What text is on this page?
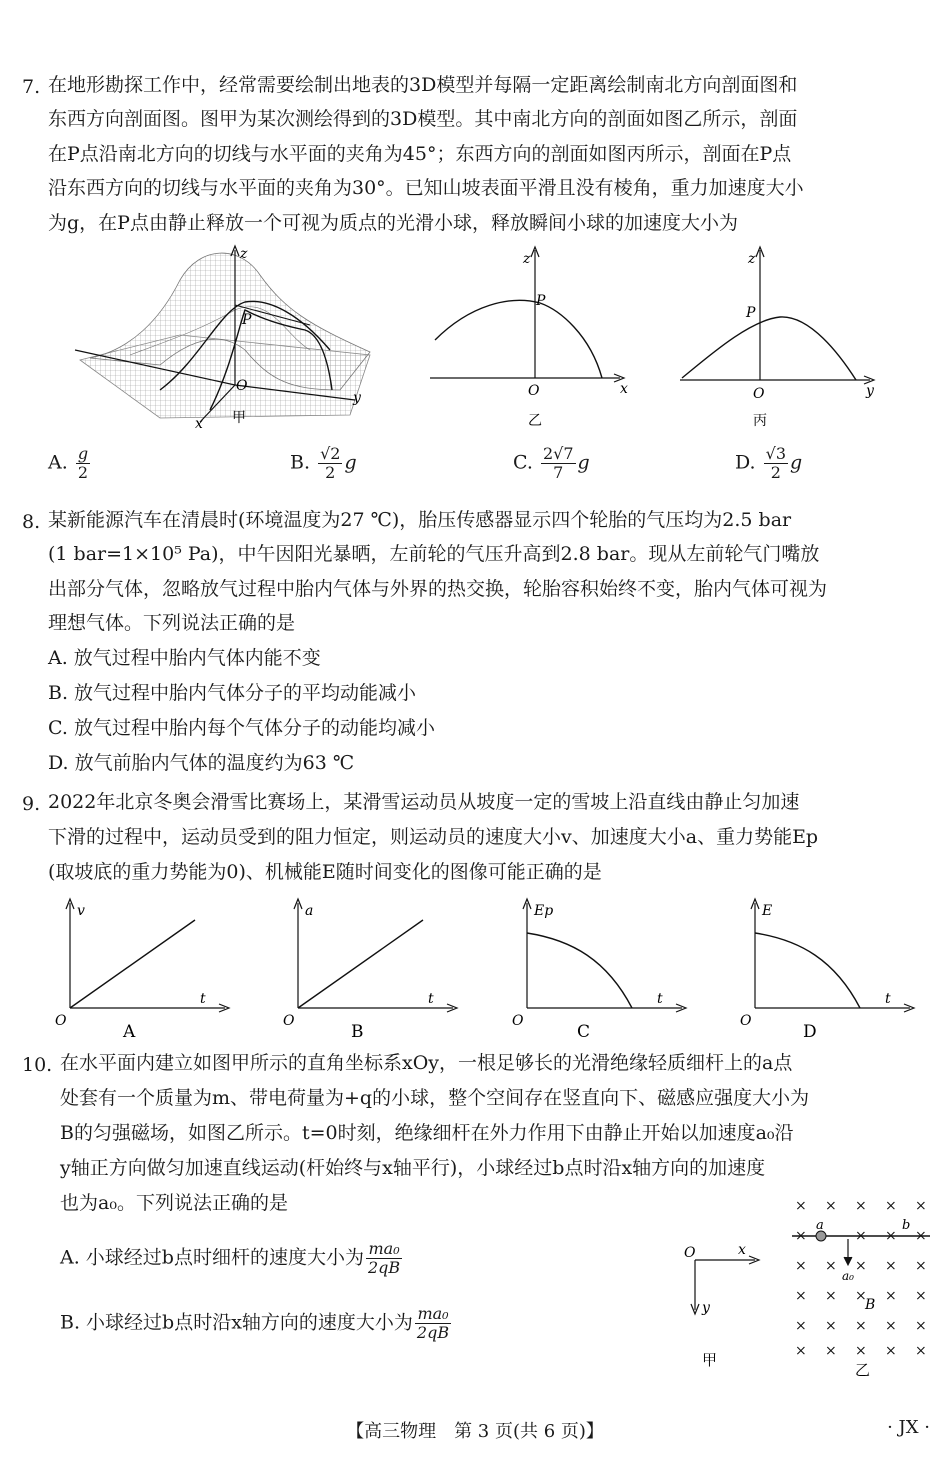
7. 在地形勘探工作中，经常需要绘制出地表的3D模型并每隔一定距离绘制南北方向剖面图和
东西方向剖面图。图甲为某次测绘得到的3D模型。其中南北方向的剖面如图乙所示，剖面
在P点沿南北方向的切线与水平面的夹角为45°；东西方向的剖面如图丙所示，剖面在P点
沿东西方向的切线与水平面的夹角为30°。已知山坡表面平滑且没有棱角，重力加速度大小
为g，在P点由静止释放一个可视为质点的光滑小球，释放瞬间小球的加速度大小为
z
P
O
y
x 甲
z
P
O	x
乙
z
P
O	y
丙
A. $\frac{g}{2}$	B. $\frac{√2}{2}$ g	C. $\frac{2√7}{7}$ g	D. $\frac{√3}{2}$ g
8. 某新能源汽车在清晨时(环境温度为27 ℃)，胎压传感器显示四个轮胎的气压均为2.5 bar
(1 bar=1×10⁵ Pa)，中午因阳光暴晒，左前轮的气压升高到2.8 bar。现从左前轮气门嘴放
出部分气体，忽略放气过程中胎内气体与外界的热交换，轮胎容积始终不变，胎内气体可视为
理想气体。下列说法正确的是
A. 放气过程中胎内气体内能不变
B. 放气过程中胎内气体分子的平均动能减小
C. 放气过程中胎内每个气体分子的动能均减小
D. 放气前胎内气体的温度约为63 ℃
9. 2022年北京冬奥会滑雪比赛场上，某滑雪运动员从坡度一定的雪坡上沿直线由静止匀加速
下滑的过程中，运动员受到的阻力恒定，则运动员的速度大小v、加速度大小a、重力势能Ep
(取坡底的重力势能为0)、机械能E随时间变化的图像可能正确的是
v
t
O
A
a
t
O
B
Ep
t
O
C
E
t
O
D
10. 在水平面内建立如图甲所示的直角坐标系xOy，一根足够长的光滑绝缘轻质细杆上的a点
处套有一个质量为m、带电荷量为+q的小球，整个空间存在竖直向下、磁感应强度大小为
B的匀强磁场，如图乙所示。t=0时刻，绝缘细杆在外力作用下由静止开始以加速度a₀沿
y轴正方向做匀加速直线运动(杆始终与x轴平行)，小球经过b点时沿x轴方向的加速度
也为a₀。下列说法正确的是
A. 小球经过b点时细杆的速度大小为 $\frac{\text{ma₀}}{2qB}$
B. 小球经过b点时沿x轴方向的速度大小为 $\frac{\text{ma₀}}{2qB}$
O	x
y
甲
× × × × ×
×	× × ×
× × × × ×
× × × × ×
× × × × ×
× × × × ×
a	b
a₀
B
乙
【高三物理　第 3 页(共 6 页)】	· JX ·
